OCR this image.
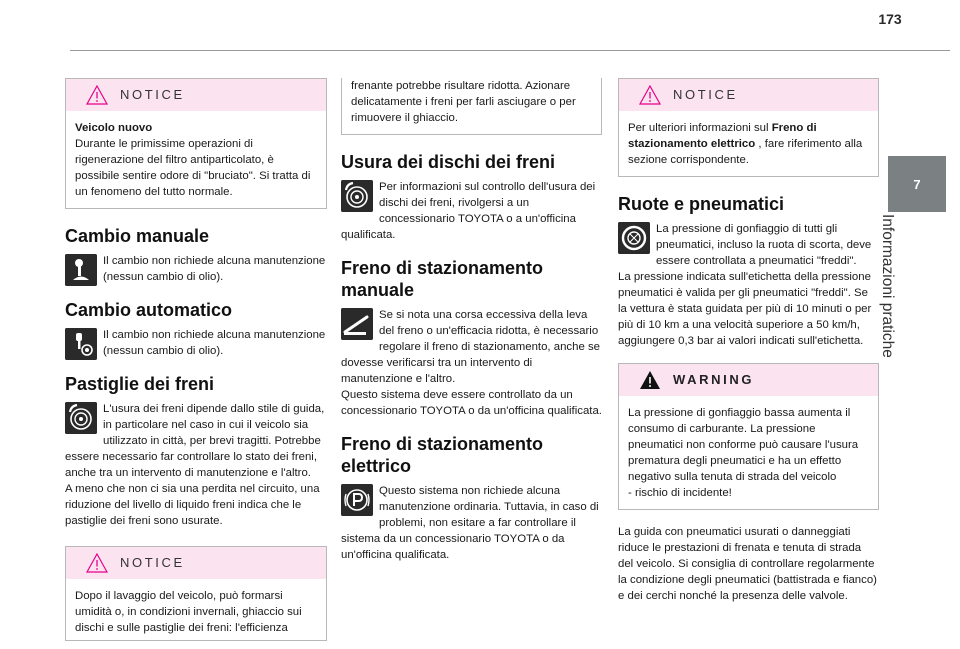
173
7
Informazioni pratiche
NOTICE

Veicolo nuovo

Durante le primissime operazioni di rigenerazione del filtro antiparticolato, è possibile sentire odore di "bruciato". Si tratta di un fenomeno del tutto normale.

Cambio manuale

Il cambio non richiede alcuna manutenzione (nessun cambio di olio).

Cambio automatico

Il cambio non richiede alcuna manutenzione (nessun cambio di olio).

Pastiglie dei freni

L'usura dei freni dipende dallo stile di guida, in particolare nel caso in cui il veicolo sia utilizzato in città, per brevi tragitti. Potrebbe essere necessario far controllare lo stato dei freni, anche tra un intervento di manutenzione e l'altro.

A meno che non ci sia una perdita nel circuito, una riduzione del livello di liquido freni indica che le pastiglie dei freni sono usurate.

NOTICE

Dopo il lavaggio del veicolo, può formarsi umidità o, in condizioni invernali, ghiaccio sui dischi e sulle pastiglie dei freni: l'efficienza

frenante potrebbe risultare ridotta. Azionare delicatamente i freni per farli asciugare o per rimuovere il ghiaccio.

Usura dei dischi dei freni

Per informazioni sul controllo dell'usura dei dischi dei freni, rivolgersi a un concessionario TOYOTA o a un'officina qualificata.

Freno di stazionamento
manuale

Se si nota una corsa eccessiva della leva del freno o un'efficacia ridotta, è necessario regolare il freno di stazionamento, anche se dovesse verificarsi tra un intervento di manutenzione e l'altro.

Questo sistema deve essere controllato da un concessionario TOYOTA o da un'officina qualificata.

Freno di stazionamento
elettrico

Questo sistema non richiede alcuna manutenzione ordinaria. Tuttavia, in caso di problemi, non esitare a far controllare il sistema da un concessionario TOYOTA o da un'officina qualificata.

NOTICE

Per ulteriori informazioni sul Freno di stazionamento elettrico , fare riferimento alla sezione corrispondente.

Ruote e pneumatici

La pressione di gonfiaggio di tutti gli pneumatici, incluso la ruota di scorta, deve essere controllata a pneumatici "freddi".

La pressione indicata sull'etichetta della pressione pneumatici è valida per gli pneumatici "freddi". Se la vettura è stata guidata per più di 10 minuti o per più di 10 km a una velocità superiore a 50 km/h, aggiungere 0,3 bar ai valori indicati sull'etichetta.

WARNING

La pressione di gonfiaggio bassa aumenta il consumo di carburante. La pressione pneumatici non conforme può causare l'usura prematura degli pneumatici e ha un effetto negativo sulla tenuta di strada del veicolo

- rischio di incidente!

La guida con pneumatici usurati o danneggiati riduce le prestazioni di frenata e tenuta di strada del veicolo. Si consiglia di controllare regolarmente la condizione degli pneumatici (battistrada e fianco) e dei cerchi nonché la presenza delle valvole.
